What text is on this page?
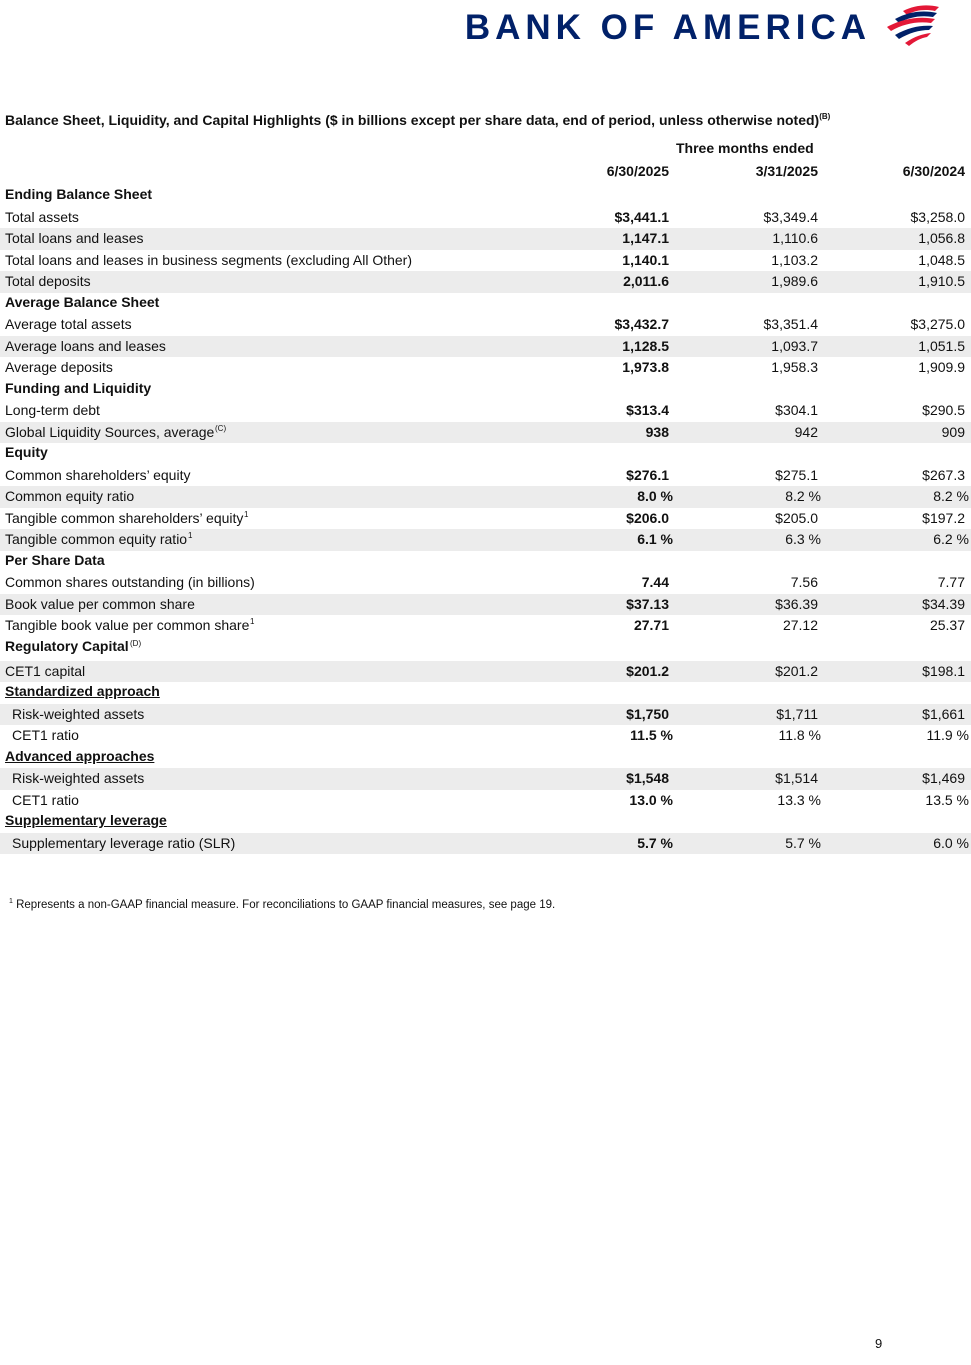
BANK OF AMERICA
Balance Sheet, Liquidity, and Capital Highlights ($ in billions except per share data, end of period, unless otherwise noted)$^{(B)}$
Three months ended
6/30/2025	3/31/2025	6/30/2024
Ending Balance Sheet
Total assets	$3,441.1	$3,349.4	$3,258.0
Total loans and leases	1,147.1	1,110.6	1,056.8
Total loans and leases in business segments (excluding All Other)	1,140.1	1,103.2	1,048.5
Total deposits	2,011.6	1,989.6	1,910.5
Average Balance Sheet
Average total assets	$3,432.7	$3,351.4	$3,275.0
Average loans and leases	1,128.5	1,093.7	1,051.5
Average deposits	1,973.8	1,958.3	1,909.9
Funding and Liquidity
Long-term debt	$313.4	$304.1	$290.5
Global Liquidity Sources, average (C)	938	942	909
Equity
Common shareholders’ equity	$276.1	$275.1	$267.3
Common equity ratio	8.0 %	8.2 %	8.2 %
Tangible common shareholders’ equity 1	$206.0	$205.0	$197.2
Tangible common equity ratio 1	6.1 %	6.3 %	6.2 %
Per Share Data
Common shares outstanding (in billions)	7.44	7.56	7.77
Book value per common share	$37.13	$36.39	$34.39
Tangible book value per common share 1	27.71	27.12	25.37
Regulatory Capital (D)
CET1 capital	$201.2	$201.2	$198.1
Standardized approach
Risk-weighted assets	$1,750	$1,711	$1,661
CET1 ratio	11.5 %	11.8 %	11.9 %
Advanced approaches
Risk-weighted assets	$1,548	$1,514	$1,469
CET1 ratio	13.0 %	13.3 %	13.5 %
Supplementary leverage
Supplementary leverage ratio (SLR)	5.7 %	5.7 %	6.0 %
$^1$ Represents a non-GAAP financial measure. For reconciliations to GAAP financial measures, see page 19.
9
